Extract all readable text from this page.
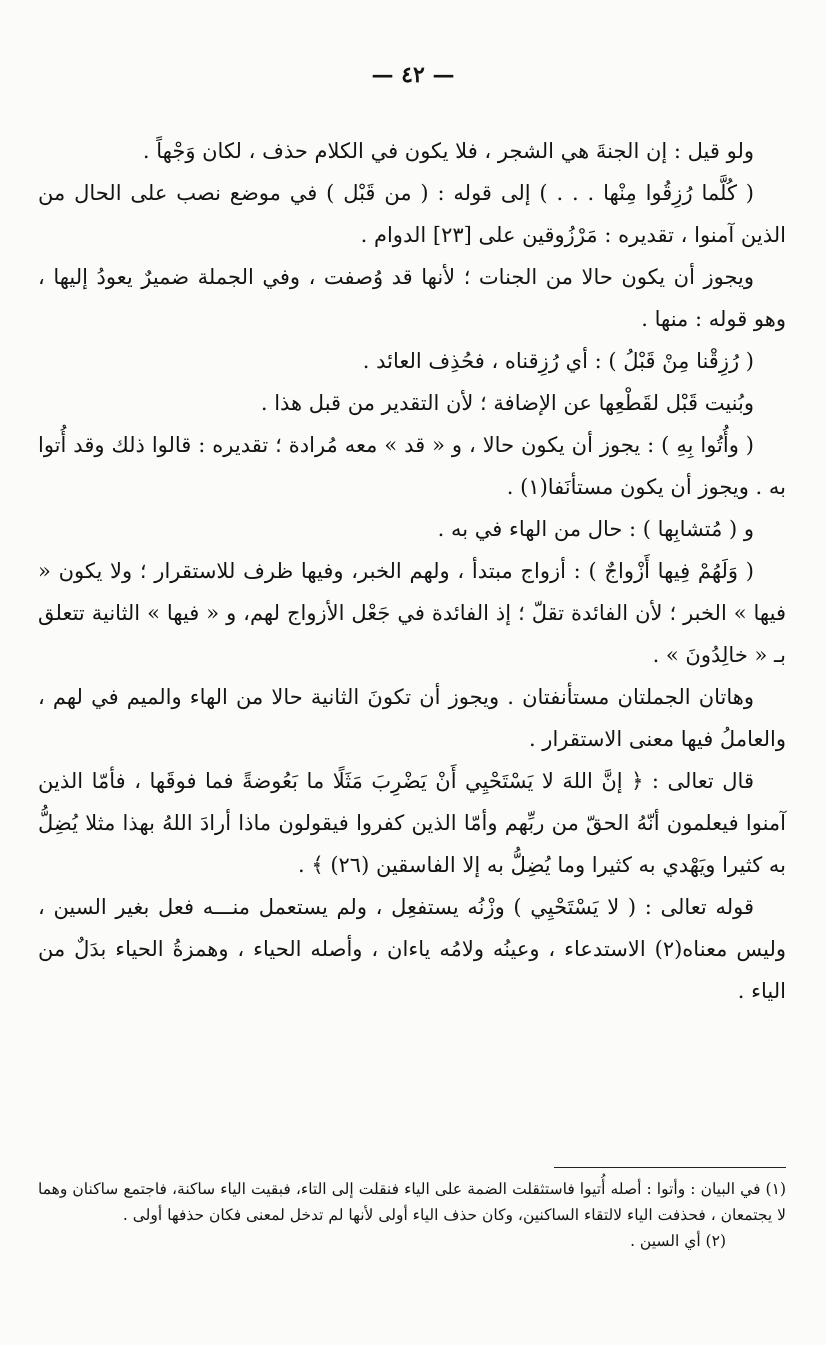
— ٤٢ —

ولو قيل : إن الجنةَ هي الشجر ، فلا يكون في الكلام حذف ، لكان وَجْهاً .

( كُلَّما رُزِقُوا مِنْها . . . ) إلى قوله : ( من قَبْل ) في موضع نصب على الحال من الذين آمنوا ، تقديره : مَرْزُوقين على [٢٣] الدوام .

ويجوز أن يكون حالا من الجنات ؛ لأنها قد وُصفت ، وفي الجملة ضميرٌ يعودُ إليها ، وهو قوله : منها .

( رُزِقْنا مِنْ قَبْلُ ) : أي رُزِقناه ، فحُذِف العائد .

وبُنيت قَبْل لقَطْعِها عن الإضافة ؛ لأن التقدير من قبل هذا .

( وأُتُوا بِهِ ) : يجوز أن يكون حالا ، و « قد » معه مُرادة ؛ تقديره : قالوا ذلك وقد أُتوا به . ويجوز أن يكون مستأنَفا(١) .

و ( مُتشابِها ) : حال من الهاء في به .

( وَلَهُمْ فِيها أَزْواجٌ ) : أزواج مبتدأ ، ولهم الخبر، وفيها ظرف للاستقرار ؛ ولا يكون « فيها » الخبر ؛ لأن الفائدة تقلّ ؛ إذ الفائدة في جَعْل الأزواج لهم، و « فيها » الثانية تتعلق بـ « خالِدُونَ » .

وهاتان الجملتان مستأنفتان . ويجوز أن تكونَ الثانية حالا من الهاء والميم في لهم ، والعاملُ فيها معنى الاستقرار .

قال تعالى : ﴿ إنَّ اللهَ لا يَسْتَحْيِي أَنْ يَضْرِبَ مَثَلًا ما بَعُوضةً فما فوقَها ، فأمّا الذين آمنوا فيعلمون أنّهُ الحقّ من ربِّهم وأمّا الذين كفروا فيقولون ماذا أرادَ اللهُ بهذا مثلا يُضِلُّ به كثيرا ويَهْدي به كثيرا وما يُضِلُّ به إلا الفاسقين (٢٦) ﴾ .

قوله تعالى : ( لا يَسْتَحْيِي ) وزْنُه يستفعِل ، ولم يستعمل منـــه فعل بغير السين ، وليس معناه(٢) الاستدعاء ، وعينُه ولامُه ياءان ، وأصله الحياء ، وهمزةُ الحياء بدَلٌ من الياء .

(١) في البيان : وأتوا : أصله أُتيوا فاستثقلت الضمة على الياء فنقلت إلى التاء، فبقيت الياء ساكنة، فاجتمع ساكنان وهما لا يجتمعان ، فحذفت الياء لالتقاء الساكنين، وكان حذف الياء أولى لأنها لم تدخل لمعنى فكان حذفها أولى .

(٢) أي السين .
